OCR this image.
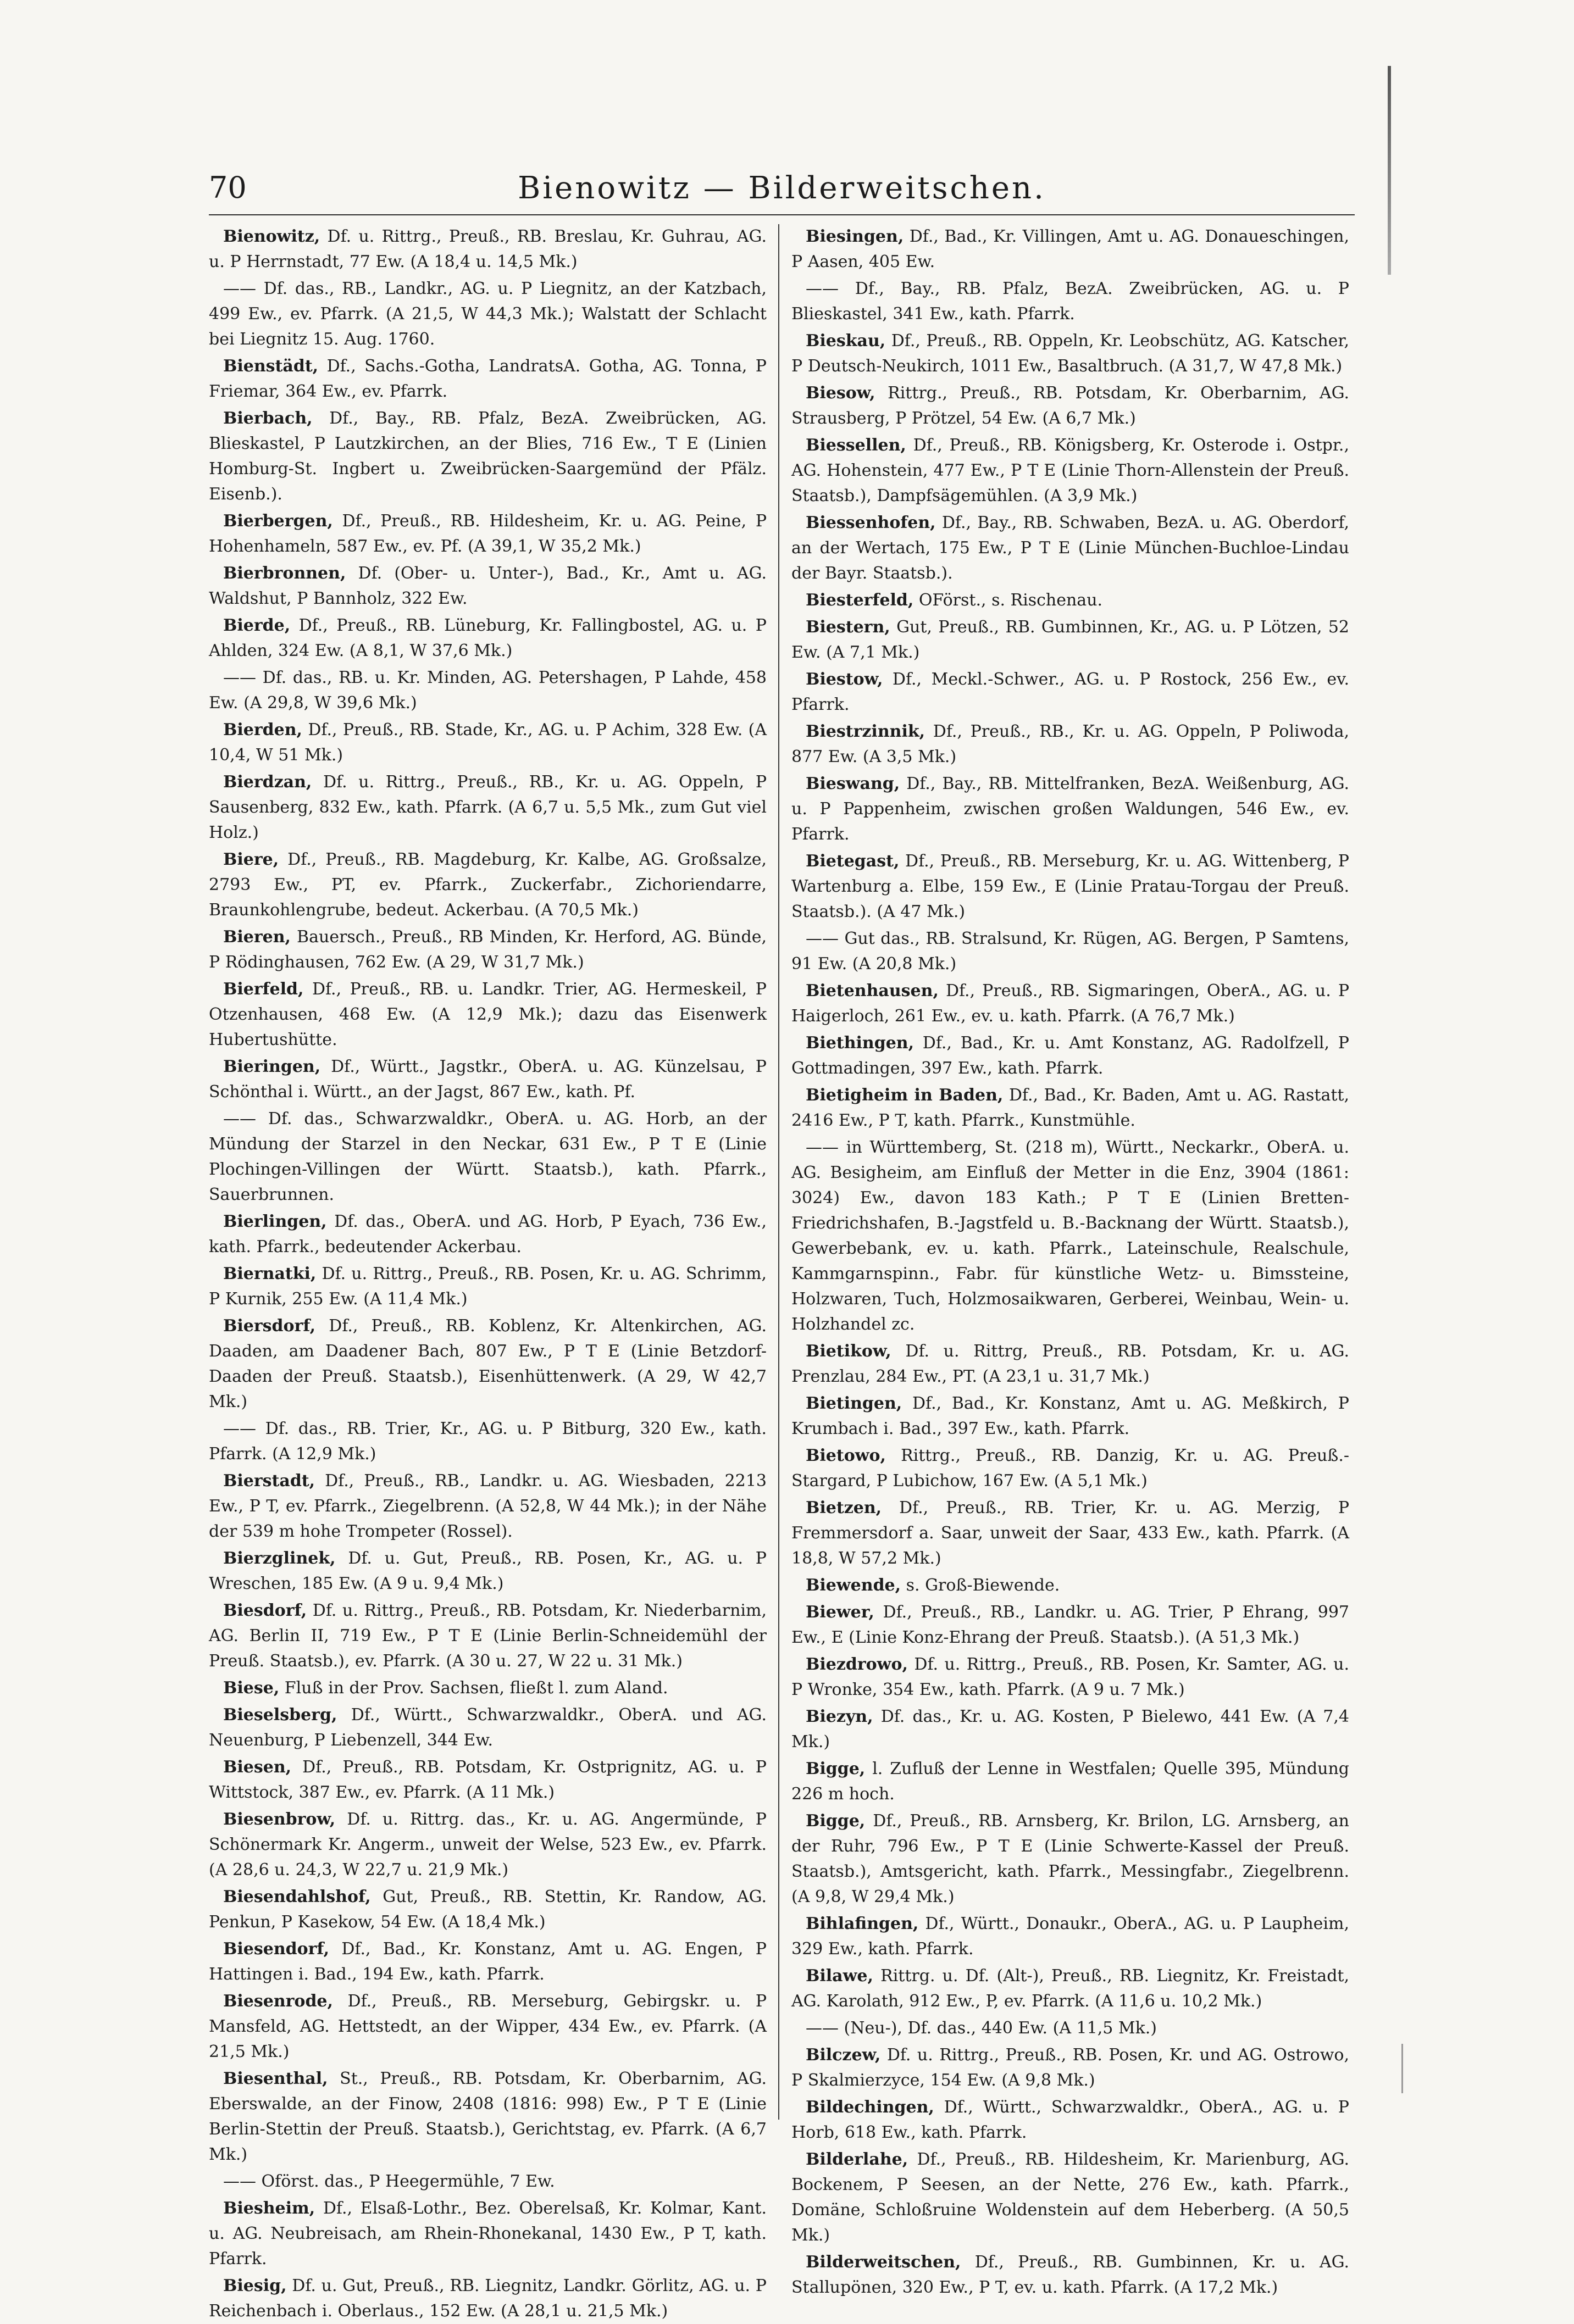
70	Bienowitz — Bilderweitschen.

Bienowitz, Df. u. Rittrg., Preuß., RB. Breslau, Kr. Guhrau, AG. u. P Herrnstadt, 77 Ew. (A 18,4 u. 14,5 Mk.)

—— Df. das., RB., Landkr., AG. u. P Liegnitz, an der Katzbach, 499 Ew., ev. Pfarrk. (A 21,5, W 44,3 Mk.); Walstatt der Schlacht bei Liegnitz 15. Aug. 1760.

Bienstädt, Df., Sachs.-Gotha, LandratsA. Gotha, AG. Tonna, P Friemar, 364 Ew., ev. Pfarrk.

Bierbach, Df., Bay., RB. Pfalz, BezA. Zweibrücken, AG. Blieskastel, P Lautzkirchen, an der Blies, 716 Ew., T E (Linien Homburg-St. Ingbert u. Zweibrücken-Saargemünd der Pfälz. Eisenb.).

Bierbergen, Df., Preuß., RB. Hildesheim, Kr. u. AG. Peine, P Hohenhameln, 587 Ew., ev. Pf. (A 39,1, W 35,2 Mk.)

Bierbronnen, Df. (Ober- u. Unter-), Bad., Kr., Amt u. AG. Waldshut, P Bannholz, 322 Ew.

Bierde, Df., Preuß., RB. Lüneburg, Kr. Fallingbostel, AG. u. P Ahlden, 324 Ew. (A 8,1, W 37,6 Mk.)

—— Df. das., RB. u. Kr. Minden, AG. Petershagen, P Lahde, 458 Ew. (A 29,8, W 39,6 Mk.)

Bierden, Df., Preuß., RB. Stade, Kr., AG. u. P Achim, 328 Ew. (A 10,4, W 51 Mk.)

Bierdzan, Df. u. Rittrg., Preuß., RB., Kr. u. AG. Oppeln, P Sausenberg, 832 Ew., kath. Pfarrk. (A 6,7 u. 5,5 Mk., zum Gut viel Holz.)

Biere, Df., Preuß., RB. Magdeburg, Kr. Kalbe, AG. Großsalze, 2793 Ew., PT, ev. Pfarrk., Zuckerfabr., Zichoriendarre, Braunkohlengrube, bedeut. Ackerbau. (A 70,5 Mk.)

Bieren, Bauersch., Preuß., RB Minden, Kr. Herford, AG. Bünde, P Rödinghausen, 762 Ew. (A 29, W 31,7 Mk.)

Bierfeld, Df., Preuß., RB. u. Landkr. Trier, AG. Hermeskeil, P Otzenhausen, 468 Ew. (A 12,9 Mk.); dazu das Eisenwerk Hubertushütte.

Bieringen, Df., Württ., Jagstkr., OberA. u. AG. Künzelsau, P Schönthal i. Württ., an der Jagst, 867 Ew., kath. Pf.

—— Df. das., Schwarzwaldkr., OberA. u. AG. Horb, an der Mündung der Starzel in den Neckar, 631 Ew., P T E (Linie Plochingen-Villingen der Württ. Staatsb.), kath. Pfarrk., Sauerbrunnen.

Bierlingen, Df. das., OberA. und AG. Horb, P Eyach, 736 Ew., kath. Pfarrk., bedeutender Ackerbau.

Biernatki, Df. u. Rittrg., Preuß., RB. Posen, Kr. u. AG. Schrimm, P Kurnik, 255 Ew. (A 11,4 Mk.)

Biersdorf, Df., Preuß., RB. Koblenz, Kr. Altenkirchen, AG. Daaden, am Daadener Bach, 807 Ew., P T E (Linie Betzdorf-Daaden der Preuß. Staatsb.), Eisenhüttenwerk. (A 29, W 42,7 Mk.)

—— Df. das., RB. Trier, Kr., AG. u. P Bitburg, 320 Ew., kath. Pfarrk. (A 12,9 Mk.)

Bierstadt, Df., Preuß., RB., Landkr. u. AG. Wiesbaden, 2213 Ew., P T, ev. Pfarrk., Ziegelbrenn. (A 52,8, W 44 Mk.); in der Nähe der 539 m hohe Trompeter (Rossel).

Bierzglinek, Df. u. Gut, Preuß., RB. Posen, Kr., AG. u. P Wreschen, 185 Ew. (A 9 u. 9,4 Mk.)

Biesdorf, Df. u. Rittrg., Preuß., RB. Potsdam, Kr. Niederbarnim, AG. Berlin II, 719 Ew., P T E (Linie Berlin-Schneidemühl der Preuß. Staatsb.), ev. Pfarrk. (A 30 u. 27, W 22 u. 31 Mk.)

Biese, Fluß in der Prov. Sachsen, fließt l. zum Aland.

Bieselsberg, Df., Württ., Schwarzwaldkr., OberA. und AG. Neuenburg, P Liebenzell, 344 Ew.

Biesen, Df., Preuß., RB. Potsdam, Kr. Ostprignitz, AG. u. P Wittstock, 387 Ew., ev. Pfarrk. (A 11 Mk.)

Biesenbrow, Df. u. Rittrg. das., Kr. u. AG. Angermünde, P Schönermark Kr. Angerm., unweit der Welse, 523 Ew., ev. Pfarrk. (A 28,6 u. 24,3, W 22,7 u. 21,9 Mk.)

Biesendahlshof, Gut, Preuß., RB. Stettin, Kr. Randow, AG. Penkun, P Kasekow, 54 Ew. (A 18,4 Mk.)

Biesendorf, Df., Bad., Kr. Konstanz, Amt u. AG. Engen, P Hattingen i. Bad., 194 Ew., kath. Pfarrk.

Biesenrode, Df., Preuß., RB. Merseburg, Gebirgskr. u. P Mansfeld, AG. Hettstedt, an der Wipper, 434 Ew., ev. Pfarrk. (A 21,5 Mk.)

Biesenthal, St., Preuß., RB. Potsdam, Kr. Oberbarnim, AG. Eberswalde, an der Finow, 2408 (1816: 998) Ew., P T E (Linie Berlin-Stettin der Preuß. Staatsb.), Gerichtstag, ev. Pfarrk. (A 6,7 Mk.)

—— Oförst. das., P Heegermühle, 7 Ew.

Biesheim, Df., Elsaß-Lothr., Bez. Oberelsaß, Kr. Kolmar, Kant. u. AG. Neubreisach, am Rhein-Rhonekanal, 1430 Ew., P T, kath. Pfarrk.

Biesig, Df. u. Gut, Preuß., RB. Liegnitz, Landkr. Görlitz, AG. u. P Reichenbach i. Oberlaus., 152 Ew. (A 28,1 u. 21,5 Mk.)

Biesingen, Df., Bad., Kr. Villingen, Amt u. AG. Donaueschingen, P Aasen, 405 Ew.

—— Df., Bay., RB. Pfalz, BezA. Zweibrücken, AG. u. P Blieskastel, 341 Ew., kath. Pfarrk.

Bieskau, Df., Preuß., RB. Oppeln, Kr. Leobschütz, AG. Katscher, P Deutsch-Neukirch, 1011 Ew., Basaltbruch. (A 31,7, W 47,8 Mk.)

Biesow, Rittrg., Preuß., RB. Potsdam, Kr. Oberbarnim, AG. Strausberg, P Prötzel, 54 Ew. (A 6,7 Mk.)

Biessellen, Df., Preuß., RB. Königsberg, Kr. Osterode i. Ostpr., AG. Hohenstein, 477 Ew., P T E (Linie Thorn-Allenstein der Preuß. Staatsb.), Dampfsägemühlen. (A 3,9 Mk.)

Biessenhofen, Df., Bay., RB. Schwaben, BezA. u. AG. Oberdorf, an der Wertach, 175 Ew., P T E (Linie München-Buchloe-Lindau der Bayr. Staatsb.).

Biesterfeld, OFörst., s. Rischenau.

Biestern, Gut, Preuß., RB. Gumbinnen, Kr., AG. u. P Lötzen, 52 Ew. (A 7,1 Mk.)

Biestow, Df., Meckl.-Schwer., AG. u. P Rostock, 256 Ew., ev. Pfarrk.

Biestrzinnik, Df., Preuß., RB., Kr. u. AG. Oppeln, P Poliwoda, 877 Ew. (A 3,5 Mk.)

Bieswang, Df., Bay., RB. Mittelfranken, BezA. Weißenburg, AG. u. P Pappenheim, zwischen großen Waldungen, 546 Ew., ev. Pfarrk.

Bietegast, Df., Preuß., RB. Merseburg, Kr. u. AG. Wittenberg, P Wartenburg a. Elbe, 159 Ew., E (Linie Pratau-Torgau der Preuß. Staatsb.). (A 47 Mk.)

—— Gut das., RB. Stralsund, Kr. Rügen, AG. Bergen, P Samtens, 91 Ew. (A 20,8 Mk.)

Bietenhausen, Df., Preuß., RB. Sigmaringen, OberA., AG. u. P Haigerloch, 261 Ew., ev. u. kath. Pfarrk. (A 76,7 Mk.)

Biethingen, Df., Bad., Kr. u. Amt Konstanz, AG. Radolfzell, P Gottmadingen, 397 Ew., kath. Pfarrk.

Bietigheim in Baden, Df., Bad., Kr. Baden, Amt u. AG. Rastatt, 2416 Ew., P T, kath. Pfarrk., Kunstmühle.

—— in Württemberg, St. (218 m), Württ., Neckarkr., OberA. u. AG. Besigheim, am Einfluß der Metter in die Enz, 3904 (1861: 3024) Ew., davon 183 Kath.; P T E (Linien Bretten-Friedrichshafen, B.-Jagstfeld u. B.-Backnang der Württ. Staatsb.), Gewerbebank, ev. u. kath. Pfarrk., Lateinschule, Realschule, Kammgarnspinn., Fabr. für künstliche Wetz- u. Bimssteine, Holzwaren, Tuch, Holzmosaikwaren, Gerberei, Weinbau, Wein- u. Holzhandel zc.

Bietikow, Df. u. Rittrg, Preuß., RB. Potsdam, Kr. u. AG. Prenzlau, 284 Ew., PT. (A 23,1 u. 31,7 Mk.)

Bietingen, Df., Bad., Kr. Konstanz, Amt u. AG. Meßkirch, P Krumbach i. Bad., 397 Ew., kath. Pfarrk.

Bietowo, Rittrg., Preuß., RB. Danzig, Kr. u. AG. Preuß.-Stargard, P Lubichow, 167 Ew. (A 5,1 Mk.)

Bietzen, Df., Preuß., RB. Trier, Kr. u. AG. Merzig, P Fremmersdorf a. Saar, unweit der Saar, 433 Ew., kath. Pfarrk. (A 18,8, W 57,2 Mk.)

Biewende, s. Groß-Biewende.

Biewer, Df., Preuß., RB., Landkr. u. AG. Trier, P Ehrang, 997 Ew., E (Linie Konz-Ehrang der Preuß. Staatsb.). (A 51,3 Mk.)

Biezdrowo, Df. u. Rittrg., Preuß., RB. Posen, Kr. Samter, AG. u. P Wronke, 354 Ew., kath. Pfarrk. (A 9 u. 7 Mk.)

Biezyn, Df. das., Kr. u. AG. Kosten, P Bielewo, 441 Ew. (A 7,4 Mk.)

Bigge, l. Zufluß der Lenne in Westfalen; Quelle 395, Mündung 226 m hoch.

Bigge, Df., Preuß., RB. Arnsberg, Kr. Brilon, LG. Arnsberg, an der Ruhr, 796 Ew., P T E (Linie Schwerte-Kassel der Preuß. Staatsb.), Amtsgericht, kath. Pfarrk., Messingfabr., Ziegelbrenn. (A 9,8, W 29,4 Mk.)

Bihlafingen, Df., Württ., Donaukr., OberA., AG. u. P Laupheim, 329 Ew., kath. Pfarrk.

Bilawe, Rittrg. u. Df. (Alt-), Preuß., RB. Liegnitz, Kr. Freistadt, AG. Karolath, 912 Ew., P, ev. Pfarrk. (A 11,6 u. 10,2 Mk.)

—— (Neu-), Df. das., 440 Ew. (A 11,5 Mk.)

Bilczew, Df. u. Rittrg., Preuß., RB. Posen, Kr. und AG. Ostrowo, P Skalmierzyce, 154 Ew. (A 9,8 Mk.)

Bildechingen, Df., Württ., Schwarzwaldkr., OberA., AG. u. P Horb, 618 Ew., kath. Pfarrk.

Bilderlahe, Df., Preuß., RB. Hildesheim, Kr. Marienburg, AG. Bockenem, P Seesen, an der Nette, 276 Ew., kath. Pfarrk., Domäne, Schloßruine Woldenstein auf dem Heberberg. (A 50,5 Mk.)

Bilderweitschen, Df., Preuß., RB. Gumbinnen, Kr. u. AG. Stallupönen, 320 Ew., P T, ev. u. kath. Pfarrk. (A 17,2 Mk.)
